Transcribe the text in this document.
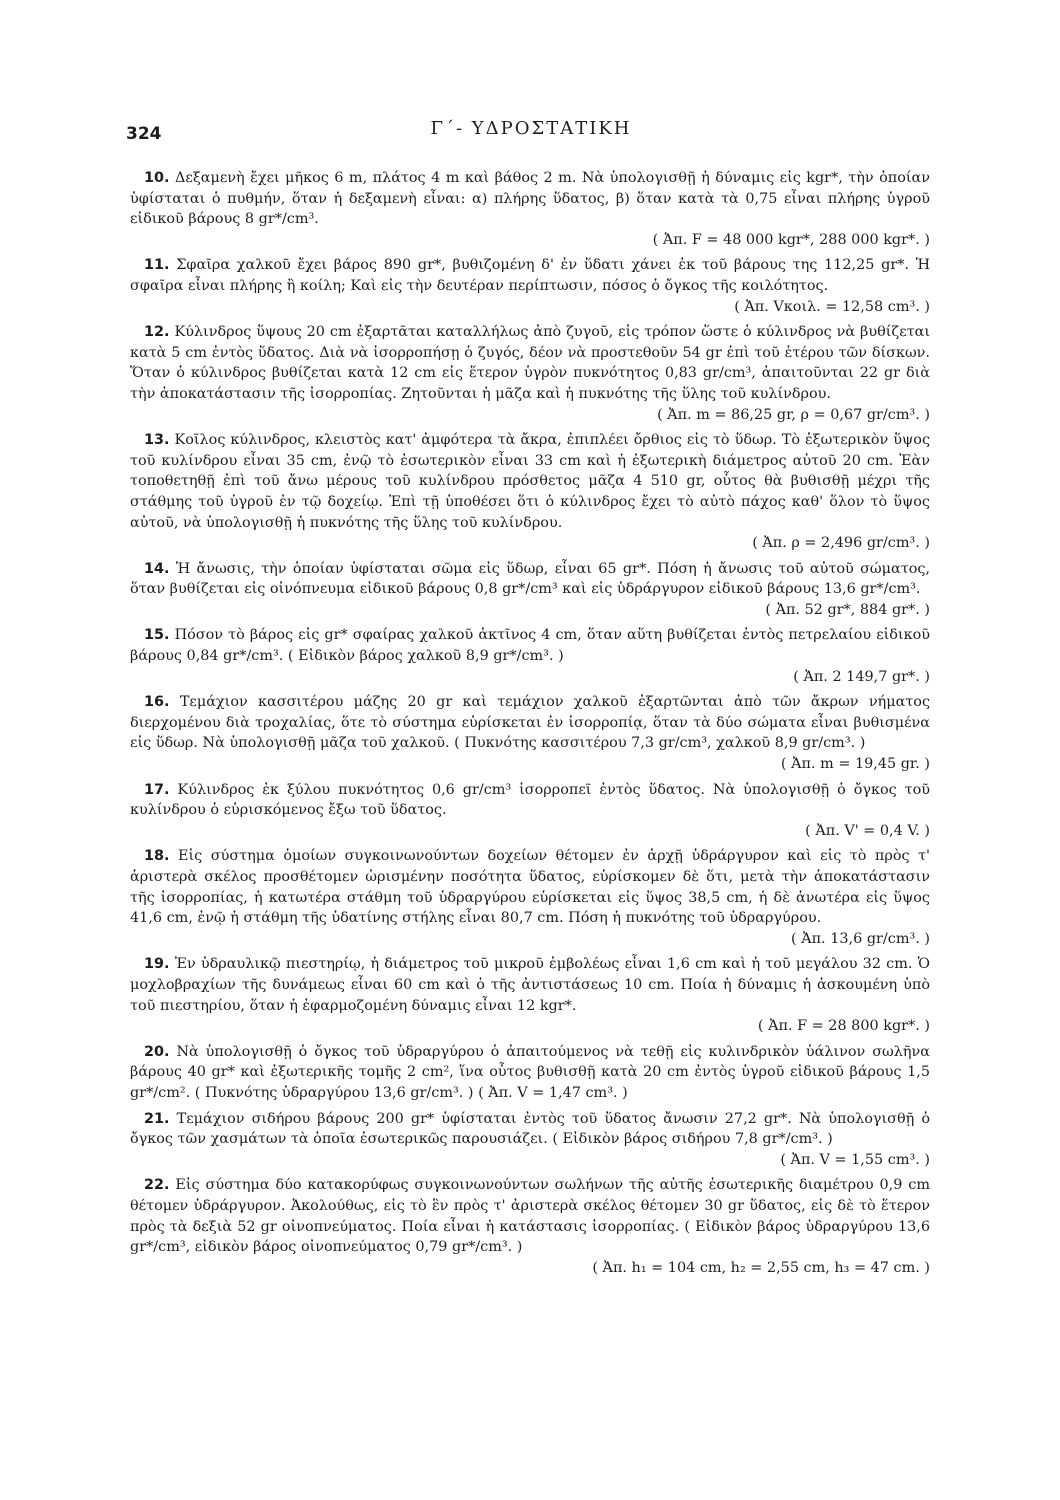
324	Γ΄- ΥΔΡΟΣΤΑΤΙΚΗ

10. Δεξαμενὴ ἔχει μῆκος 6 m, πλάτος 4 m καὶ βάθος 2 m. Νὰ ὑπολογισθῇ ἡ δύναμις εἰς kgr*, τὴν ὁποίαν ὑφίσταται ὁ πυθμήν, ὅταν ἡ δεξαμενὴ εἶναι: α) πλήρης ὕδατος, β) ὅταν κατὰ τὰ 0,75 εἶναι πλήρης ὑγροῦ εἰδικοῦ βάρους 8 gr*/cm³.
( Ἀπ. F = 48 000 kgr*, 288 000 kgr*. )

11. Σφαῖρα χαλκοῦ ἔχει βάρος 890 gr*, βυθιζομένη δ' ἐν ὕδατι χάνει ἐκ τοῦ βάρους της 112,25 gr*. Ἡ σφαῖρα εἶναι πλήρης ἢ κοίλη; Καὶ εἰς τὴν δευτέραν περίπτωσιν, πόσος ὁ ὄγκος τῆς κοιλότητος.
( Ἀπ. Vκοιλ. = 12,58 cm³. )

12. Κύλινδρος ὕψους 20 cm ἐξαρτᾶται καταλλήλως ἀπὸ ζυγοῦ, εἰς τρόπον ὥστε ὁ κύλινδρος νὰ βυθίζεται κατὰ 5 cm ἐντὸς ὕδατος. Διὰ νὰ ἰσορροπήσῃ ὁ ζυγός, δέον νὰ προστεθοῦν 54 gr ἐπὶ τοῦ ἑτέρου τῶν δίσκων. Ὅταν ὁ κύλινδρος βυθίζεται κατὰ 12 cm εἰς ἕτερον ὑγρὸν πυκνότητος 0,83 gr/cm³, ἀπαιτοῦνται 22 gr διὰ τὴν ἀποκατάστασιν τῆς ἰσορροπίας. Ζητοῦνται ἡ μᾶζα καὶ ἡ πυκνότης τῆς ὕλης τοῦ κυλίνδρου.
( Ἀπ. m = 86,25 gr, ρ = 0,67 gr/cm³. )

13. Κοῖλος κύλινδρος, κλειστὸς κατ' ἀμφότερα τὰ ἄκρα, ἐπιπλέει ὄρθιος εἰς τὸ ὕδωρ. Τὸ ἐξωτερικὸν ὕψος τοῦ κυλίνδρου εἶναι 35 cm, ἐνῷ τὸ ἐσωτερικὸν εἶναι 33 cm καὶ ἡ ἐξωτερικὴ διάμετρος αὐτοῦ 20 cm. Ἐὰν τοποθετηθῇ ἐπὶ τοῦ ἄνω μέρους τοῦ κυλίνδρου πρόσθετος μᾶζα 4 510 gr, οὗτος θὰ βυθισθῇ μέχρι τῆς στάθμης τοῦ ὑγροῦ ἐν τῷ δοχείῳ. Ἐπὶ τῇ ὑποθέσει ὅτι ὁ κύλινδρος ἔχει τὸ αὐτὸ πάχος καθ' ὅλον τὸ ὕψος αὐτοῦ, νὰ ὑπολογισθῇ ἡ πυκνότης τῆς ὕλης τοῦ κυλίνδρου.
( Ἀπ. ρ = 2,496 gr/cm³. )

14. Ἡ ἄνωσις, τὴν ὁποίαν ὑφίσταται σῶμα εἰς ὕδωρ, εἶναι 65 gr*. Πόση ἡ ἄνωσις τοῦ αὐτοῦ σώματος, ὅταν βυθίζεται εἰς οἰνόπνευμα εἰδικοῦ βάρους 0,8 gr*/cm³ καὶ εἰς ὑδράργυρον εἰδικοῦ βάρους 13,6 gr*/cm³.
( Ἀπ. 52 gr*, 884 gr*. )

15. Πόσον τὸ βάρος εἰς gr* σφαίρας χαλκοῦ ἀκτῖνος 4 cm, ὅταν αὕτη βυθίζεται ἐντὸς πετρελαίου εἰδικοῦ βάρους 0,84 gr*/cm³. ( Εἰδικὸν βάρος χαλκοῦ 8,9 gr*/cm³. )
( Ἀπ. 2 149,7 gr*. )

16. Τεμάχιον κασσιτέρου μάζης 20 gr καὶ τεμάχιον χαλκοῦ ἐξαρτῶνται ἀπὸ τῶν ἄκρων νήματος διερχομένου διὰ τροχαλίας, ὅτε τὸ σύστημα εὑρίσκεται ἐν ἰσορροπίᾳ, ὅταν τὰ δύο σώματα εἶναι βυθισμένα εἰς ὕδωρ. Νὰ ὑπολογισθῇ μᾶζα τοῦ χαλκοῦ. ( Πυκνότης κασσιτέρου 7,3 gr/cm³, χαλκοῦ 8,9 gr/cm³. )
( Ἀπ. m = 19,45 gr. )

17. Κύλινδρος ἐκ ξύλου πυκνότητος 0,6 gr/cm³ ἰσορροπεῖ ἐντὸς ὕδατος. Νὰ ὑπολογισθῇ ὁ ὄγκος τοῦ κυλίνδρου ὁ εὑρισκόμενος ἔξω τοῦ ὕδατος.
( Ἀπ. V' = 0,4 V. )

18. Εἰς σύστημα ὁμοίων συγκοινωνούντων δοχείων θέτομεν ἐν ἀρχῇ ὑδράργυρον καὶ εἰς τὸ πρὸς τ' ἀριστερὰ σκέλος προσθέτομεν ὡρισμένην ποσότητα ὕδατος, εὑρίσκομεν δὲ ὅτι, μετὰ τὴν ἀποκατάστασιν τῆς ἰσορροπίας, ἡ κατωτέρα στάθμη τοῦ ὑδραργύρου εὑρίσκεται εἰς ὕψος 38,5 cm, ἡ δὲ ἀνωτέρα εἰς ὕψος 41,6 cm, ἐνῷ ἡ στάθμη τῆς ὑδατίνης στήλης εἶναι 80,7 cm. Πόση ἡ πυκνότης τοῦ ὑδραργύρου.
( Ἀπ. 13,6 gr/cm³. )

19. Ἐν ὑδραυλικῷ πιεστηρίῳ, ἡ διάμετρος τοῦ μικροῦ ἐμβολέως εἶναι 1,6 cm καὶ ἡ τοῦ μεγάλου 32 cm. Ὁ μοχλοβραχίων τῆς δυνάμεως εἶναι 60 cm καὶ ὁ τῆς ἀντιστάσεως 10 cm. Ποία ἡ δύναμις ἡ ἀσκουμένη ὑπὸ τοῦ πιεστηρίου, ὅταν ἡ ἐφαρμοζομένη δύναμις εἶναι 12 kgr*.
( Ἀπ. F = 28 800 kgr*. )

20. Νὰ ὑπολογισθῇ ὁ ὄγκος τοῦ ὑδραργύρου ὁ ἀπαιτούμενος νὰ τεθῇ εἰς κυλινδρικὸν ὑάλινον σωλῆνα βάρους 40 gr* καὶ ἐξωτερικῆς τομῆς 2 cm², ἵνα οὗτος βυθισθῇ κατὰ 20 cm ἐντὸς ὑγροῦ εἰδικοῦ βάρους 1,5 gr*/cm². ( Πυκνότης ὑδραργύρου 13,6 gr/cm³. ) ( Ἀπ. V = 1,47 cm³. )

21. Τεμάχιον σιδήρου βάρους 200 gr* ὑφίσταται ἐντὸς τοῦ ὕδατος ἄνωσιν 27,2 gr*. Νὰ ὑπολογισθῇ ὁ ὄγκος τῶν χασμάτων τὰ ὁποῖα ἐσωτερικῶς παρουσιάζει. ( Εἰδικὸν βάρος σιδήρου 7,8 gr*/cm³. )
( Ἀπ. V = 1,55 cm³. )

22. Εἰς σύστημα δύο κατακορύφως συγκοινωνούντων σωλήνων τῆς αὐτῆς ἐσωτερικῆς διαμέτρου 0,9 cm θέτομεν ὑδράργυρον. Ἀκολούθως, εἰς τὸ ἓν πρὸς τ' ἀριστερὰ σκέλος θέτομεν 30 gr ὕδατος, εἰς δὲ τὸ ἕτερον πρὸς τὰ δεξιὰ 52 gr οἰνοπνεύματος. Ποία εἶναι ἡ κατάστασις ἰσορροπίας. ( Εἰδικὸν βάρος ὑδραργύρου 13,6 gr*/cm³, εἰδικὸν βάρος οἰνοπνεύματος 0,79 gr*/cm³. )
( Ἀπ. h₁ = 104 cm, h₂ = 2,55 cm, h₃ = 47 cm. )
